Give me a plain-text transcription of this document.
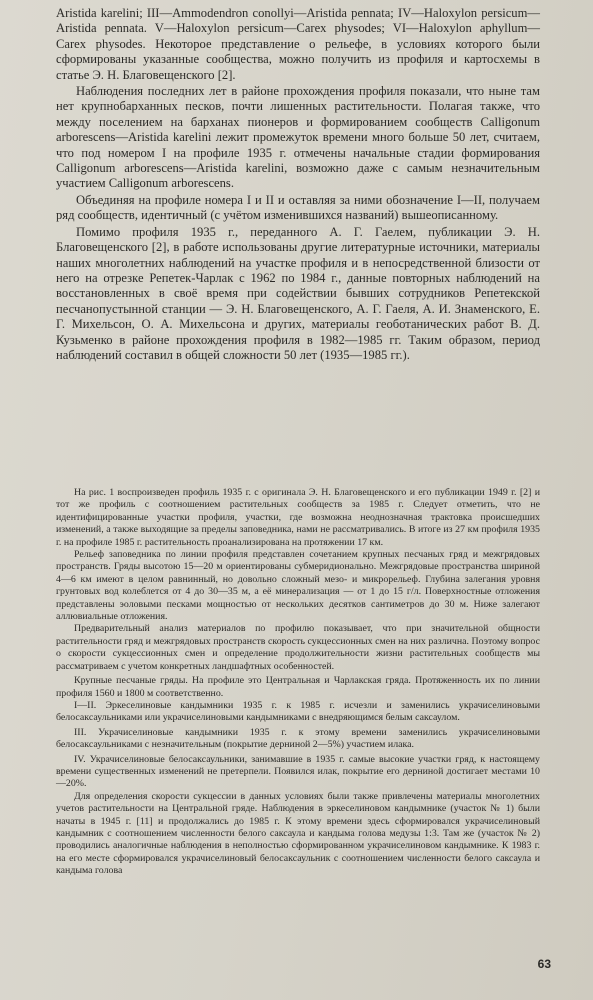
Aristida karelini; III—Ammodendron conollyi—Aristida pennata; IV—Haloxylon persicum—Aristida pennata. V—Haloxylon persicum—Carex physodes; VI—Haloxylon aphyllum—Carex physodes. Некоторое представление о рельефе, в условиях которого были сформированы указанные сообщества, можно получить из профиля и картосхемы в статье Э. Н. Благовещенского [2].

Наблюдения последних лет в районе прохождения профиля показали, что ныне там нет крупнобарханных песков, почти лишенных растительности. Полагая также, что между поселением на барханах пионеров и формированием сообществ Calligonum arborescens—Aristida karelini лежит промежуток времени много больше 50 лет, считаем, что под номером I на профиле 1935 г. отмечены начальные стадии формирования Calligonum arborescens—Aristida karelini, возможно даже с самым незначительным участием Calligonum arborescens.

Объединяя на профиле номера I и II и оставляя за ними обозначение I—II, получаем ряд сообществ, идентичный (с учётом изменившихся названий) вышеописанному.

Помимо профиля 1935 г., переданного А. Г. Гаелем, публикации Э. Н. Благовещенского [2], в работе использованы другие литературные источники, материалы наших многолетних наблюдений на участке профиля и в непосредственной близости от него на отрезке Репетек-Чарлак с 1962 по 1984 г., данные повторных наблюдений на восстановленных в своё время при содействии бывших сотрудников Репетекской песчанопустынной станции — Э. Н. Благовещенского, А. Г. Гаеля, А. И. Знаменского, Е. Г. Михельсон, О. А. Михельсона и других, материалы геоботанических работ В. Д. Кузьменко в районе прохождения профиля в 1982—1985 гг. Таким образом, период наблюдений составил в общей сложности 50 лет (1935—1985 гг.).

На рис. 1 воспроизведен профиль 1935 г. с оригинала Э. Н. Благовещенского и его публикации 1949 г. [2] и тот же профиль с соотношением растительных сообществ за 1985 г. Следует отметить, что не идентифицированные участки профиля, участки, где возможна неоднозначная трактовка происшедших изменений, а также выходящие за пределы заповедника, нами не рассматривались. В итоге из 27 км профиля 1935 г. на профиле 1985 г. растительность проанализирована на протяжении 17 км.

Рельеф заповедника по линии профиля представлен сочетанием крупных песчаных гряд и межгрядовых пространств. Гряды высотою 15—20 м ориентированы субмеридионально. Межгрядовые пространства шириной 4—6 км имеют в целом равнинный, но довольно сложный мезо- и микрорельеф. Глубина залегания уровня грунтовых вод колеблется от 4 до 30—35 м, а её минерализация — от 1 до 15 г/л. Поверхностные отложения представлены эоловыми песками мощностью от нескольких десятков сантиметров до 30 м. Ниже залегают аллювиальные отложения.

Предварительный анализ материалов по профилю показывает, что при значительной общности растительности гряд и межгрядовых пространств скорость сукцессионных смен на них различна. Поэтому вопрос о скорости сукцессионных смен и определение продолжительности жизни растительных сообществ мы рассматриваем с учетом конкретных ландшафтных особенностей.

Крупные песчаные гряды. На профиле это Центральная и Чарлакская гряда. Протяженность их по линии профиля 1560 и 1800 м соответственно.

I—II. Эркеселиновые кандымники 1935 г. к 1985 г. исчезли и заменились украчиселиновыми белосаксаульниками или украчиселиновыми кандымниками с внедряющимся белым саксаулом.

III. Украчиселиновые кандымники 1935 г. к этому времени заменились украчиселиновыми белосаксаульниками с незначительным (покрытие дерниной 2—5%) участием илака.

IV. Украчиселиновые белосаксаульники, занимавшие в 1935 г. самые высокие участки гряд, к настоящему времени существенных изменений не претерпели. Появился илак, покрытие его дерниной достигает местами 10—20%.

Для определения скорости сукцессии в данных условиях были также привлечены материалы многолетних учетов растительности на Центральной гряде. Наблюдения в эркеселиновом кандымнике (участок № 1) были начаты в 1945 г. [11] и продолжались до 1985 г. К этому времени здесь сформировался украчиселиновый кандымник с соотношением численности белого саксаула и кандыма голова медузы 1:3. Там же (участок № 2) проводились аналогичные наблюдения в неполностью сформированном украчиселиновом кандымнике. К 1983 г. на его месте сформировался украчиселиновый белосаксаульник с соотношением численности белого саксаула и кандыма голова

63
